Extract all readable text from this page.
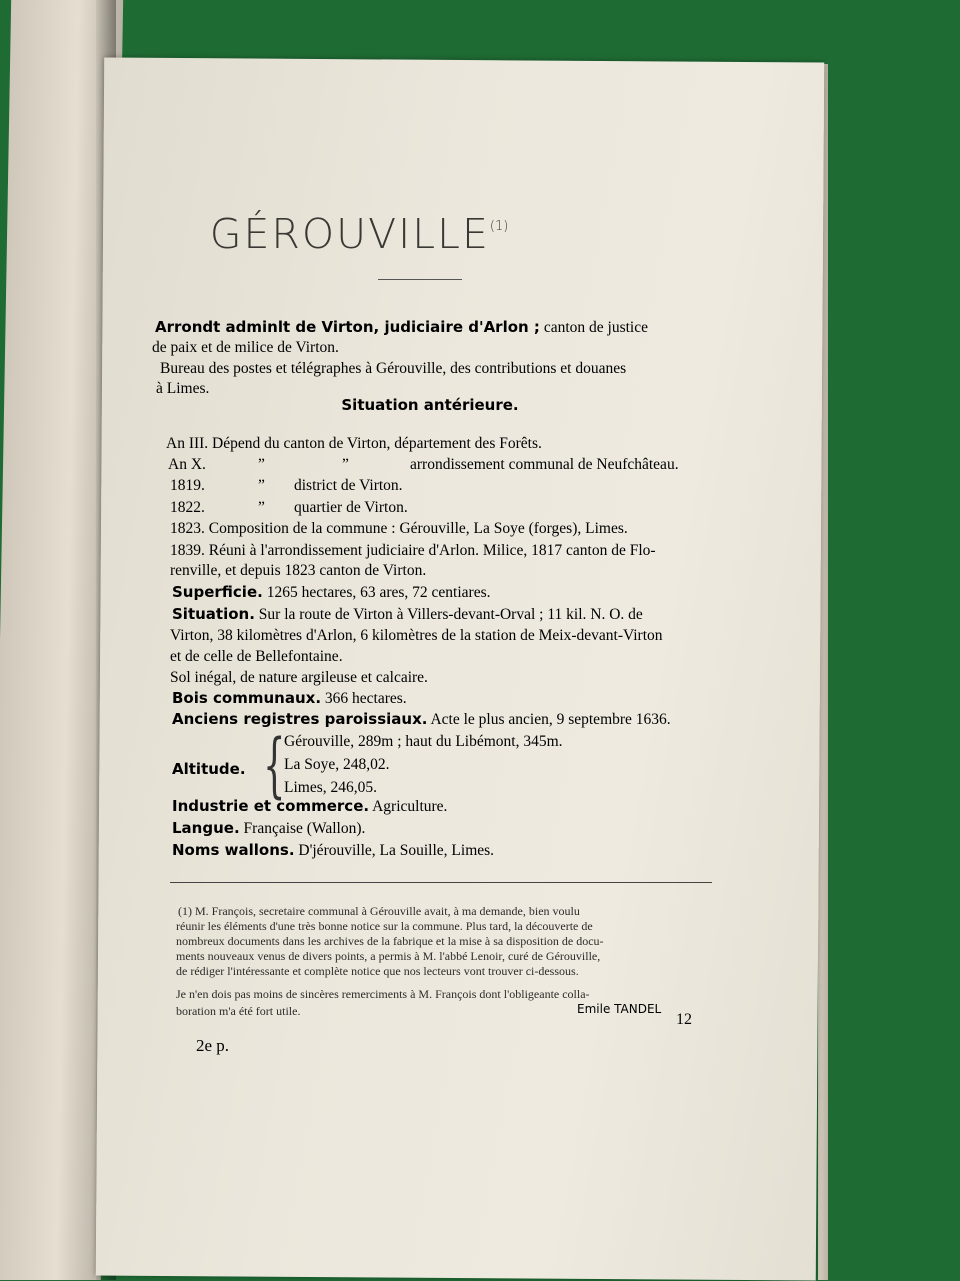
GÉROUVILLE$^{(1)}$
Arrondt adminlt de Virton, judiciaire d'Arlon ; canton de justice
de paix et de milice de Virton.
Bureau des postes et télégraphes à Gérouville, des contributions et douanes
à Limes.
Situation antérieure.
An III. Dépend du canton de Virton, département des Forêts.
An X.	”	”	arrondissement communal de Neufchâteau.
1819.	” district de Virton.
1822.	” quartier de Virton.
1823. Composition de la commune : Gérouville, La Soye (forges), Limes.
1839. Réuni à l'arrondissement judiciaire d'Arlon. Milice, 1817 canton de Flo-
renville, et depuis 1823 canton de Virton.
Superficie. 1265 hectares, 63 ares, 72 centiares.
Situation. Sur la route de Virton à Villers-devant-Orval ; 11 kil. N. O. de
Virton, 38 kilomètres d'Arlon, 6 kilomètres de la station de Meix-devant-Virton
et de celle de Bellefontaine.
Sol inégal, de nature argileuse et calcaire.
Bois communaux. 366 hectares.
Anciens registres paroissiaux. Acte le plus ancien, 9 septembre 1636.
{
Gérouville, 289m ; haut du Libémont, 345m.
Altitude. La Soye, 248,02.
Limes, 246,05.
Industrie et commerce. Agriculture.
Langue. Française (Wallon).
Noms wallons. D'jérouville, La Souille, Limes.
(1) M. François, secretaire communal à Gérouville avait, à ma demande, bien voulu
réunir les éléments d'une très bonne notice sur la commune. Plus tard, la découverte de
nombreux documents dans les archives de la fabrique et la mise à sa disposition de docu-
ments nouveaux venus de divers points, a permis à M. l'abbé Lenoir, curé de Gérouville,
de rédiger l'intéressante et complète notice que nos lecteurs vont trouver ci-dessous.
Je n'en dois pas moins de sincères remerciments à M. François dont l'obligeante colla-
boration m'a été fort utile.	Emile TANDEL
12
2e p.
